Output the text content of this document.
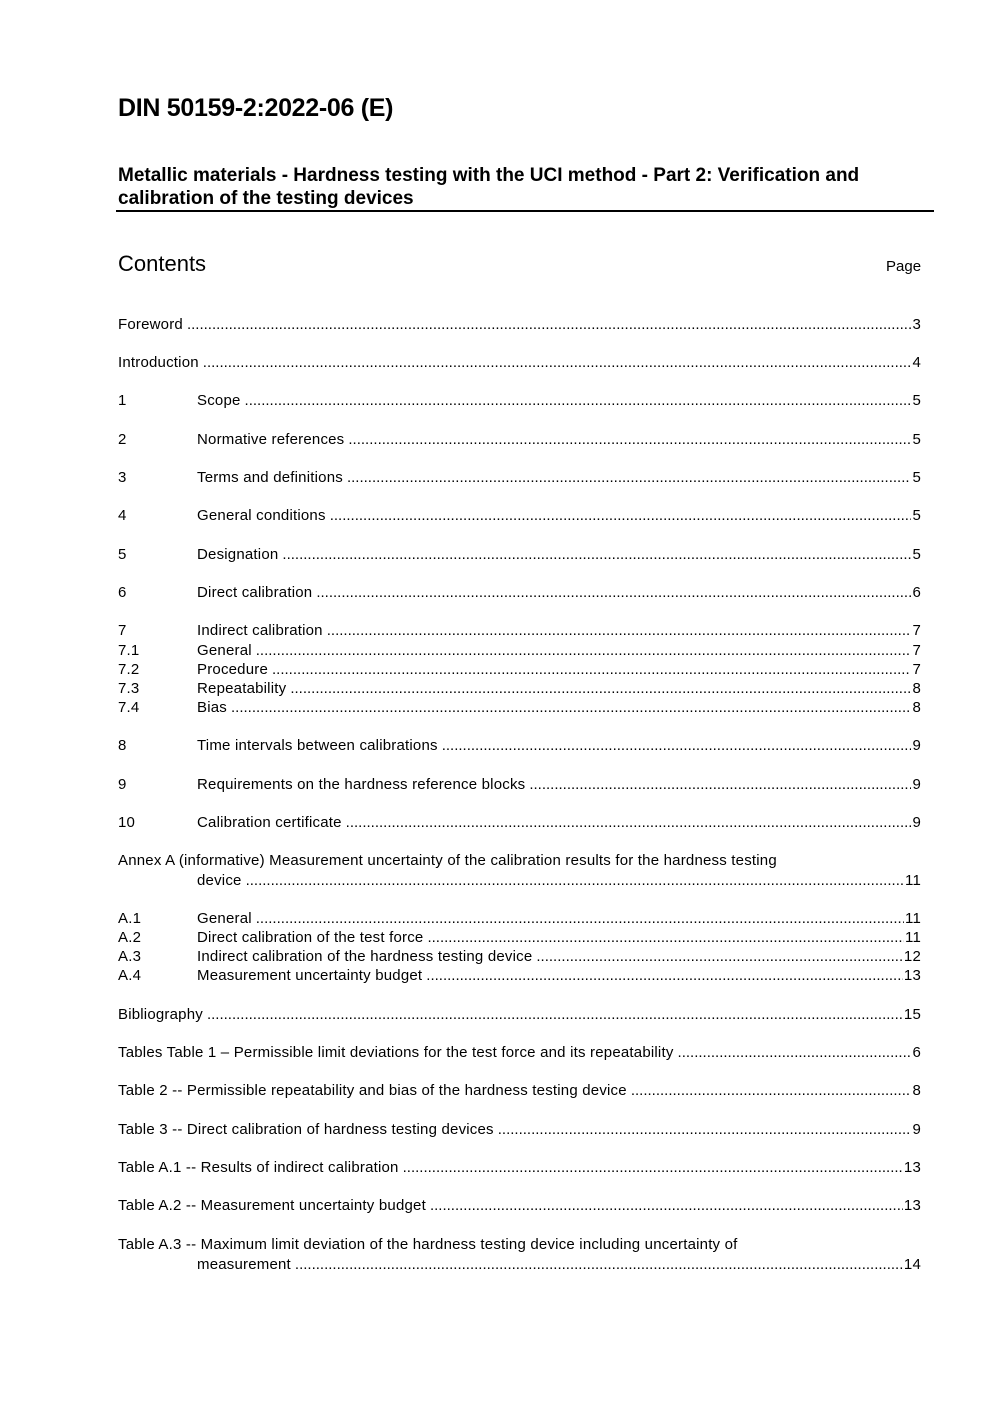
DIN 50159-2:2022-06 (E)
Metallic materials - Hardness testing with the UCI method - Part 2: Verification and calibration of the testing devices
Contents	Page
Foreword .....	3
Introduction .....	4
1	Scope .....	5
2	Normative references .....	5
3	Terms and definitions .....	5
4	General conditions .....	5
5	Designation .....	5
6	Direct calibration .....	6
7	Indirect calibration .....	7
7.1	General .....	7
7.2	Procedure .....	7
7.3	Repeatability .....	8
7.4	Bias .....	8
8	Time intervals between calibrations .....	9
9	Requirements on the hardness reference blocks .....	9
10	Calibration certificate .....	9
Annex A (informative) Measurement uncertainty of the calibration results for the hardness testing
device .....	11
A.1	General .....	11
A.2	Direct calibration of the test force .....	11
A.3	Indirect calibration of the hardness testing device .....	12
A.4	Measurement uncertainty budget .....	13
Bibliography .....	15
Tables Table 1 – Permissible limit deviations for the test force and its repeatability .....	6
Table 2 -- Permissible repeatability and bias of the hardness testing device .....	8
Table 3 -- Direct calibration of hardness testing devices .....	9
Table A.1 -- Results of indirect calibration .....	13
Table A.2 -- Measurement uncertainty budget .....	13
Table A.3 -- Maximum limit deviation of the hardness testing device including uncertainty of
measurement .....	14
